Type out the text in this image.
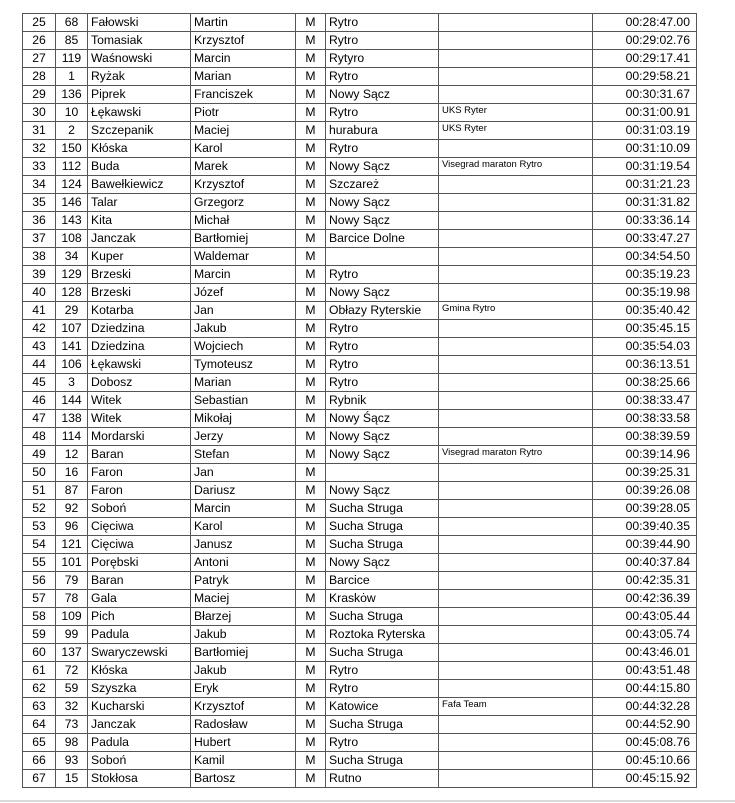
25	68	Fałowski	Martin	M	Rytro		00:28:47.00
26	85	Tomasiak	Krzysztof	M	Rytro		00:29:02.76
27	119	Waśnowski	Marcin	M	Rytyro		00:29:17.41
28	1	Ryżak	Marian	M	Rytro		00:29:58.21
29	136	Piprek	Franciszek	M	Nowy Sącz		00:30:31.67
30	10	Łękawski	Piotr	M	Rytro	UKS Ryter	00:31:00.91
31	2	Szczepanik	Maciej	M	hurabura	UKS Ryter	00:31:03.19
32	150	Kłóska	Karol	M	Rytro		00:31:10.09
33	112	Buda	Marek	M	Nowy Sącz	Visegrad maraton Rytro	00:31:19.54
34	124	Bawełkiewicz	Krzysztof	M	Szczareż		00:31:21.23
35	146	Talar	Grzegorz	M	Nowy Sącz		00:31:31.82
36	143	Kita	Michał	M	Nowy Sącz		00:33:36.14
37	108	Janczak	Bartłomiej	M	Barcice Dolne		00:33:47.27
38	34	Kuper	Waldemar	M			00:34:54.50
39	129	Brzeski	Marcin	M	Rytro		00:35:19.23
40	128	Brzeski	Józef	M	Nowy Sącz		00:35:19.98
41	29	Kotarba	Jan	M	Obłazy Ryterskie	Gmina Rytro	00:35:40.42
42	107	Dziedzina	Jakub	M	Rytro		00:35:45.15
43	141	Dziedzina	Wojciech	M	Rytro		00:35:54.03
44	106	Łękawski	Tymoteusz	M	Rytro		00:36:13.51
45	3	Dobosz	Marian	M	Rytro		00:38:25.66
46	144	Witek	Sebastian	M	Rybnik		00:38:33.47
47	138	Witek	Mikołaj	M	Nowy Śącz		00:38:33.58
48	114	Mordarski	Jerzy	M	Nowy Sącz		00:38:39.59
49	12	Baran	Stefan	M	Nowy Sącz	Visegrad maraton Rytro	00:39:14.96
50	16	Faron	Jan	M			00:39:25.31
51	87	Faron	Dariusz	M	Nowy Sącz		00:39:26.08
52	92	Soboń	Marcin	M	Sucha Struga		00:39:28.05
53	96	Cięciwa	Karol	M	Sucha Struga		00:39:40.35
54	121	Cięciwa	Janusz	M	Sucha Struga		00:39:44.90
55	101	Porębski	Antoni	M	Nowy Sącz		00:40:37.84
56	79	Baran	Patryk	M	Barcice		00:42:35.31
57	78	Gala	Maciej	M	Kraskȯw		00:42:36.39
58	109	Pich	Błarzej	M	Sucha Struga		00:43:05.44
59	99	Padula	Jakub	M	Roztoka Ryterska		00:43:05.74
60	137	Swaryczewski	Bartłomiej	M	Sucha Struga		00:43:46.01
61	72	Kłóska	Jakub	M	Rytro		00:43:51.48
62	59	Szyszka	Eryk	M	Rytro		00:44:15.80
63	32	Kucharski	Krzysztof	M	Katowice	Fafa Team	00:44:32.28
64	73	Janczak	Radosław	M	Sucha Struga		00:44:52.90
65	98	Padula	Hubert	M	Rytro		00:45:08.76
66	93	Soboń	Kamil	M	Sucha Struga		00:45:10.66
67	15	Stokłosa	Bartosz	M	Rutno		00:45:15.92
